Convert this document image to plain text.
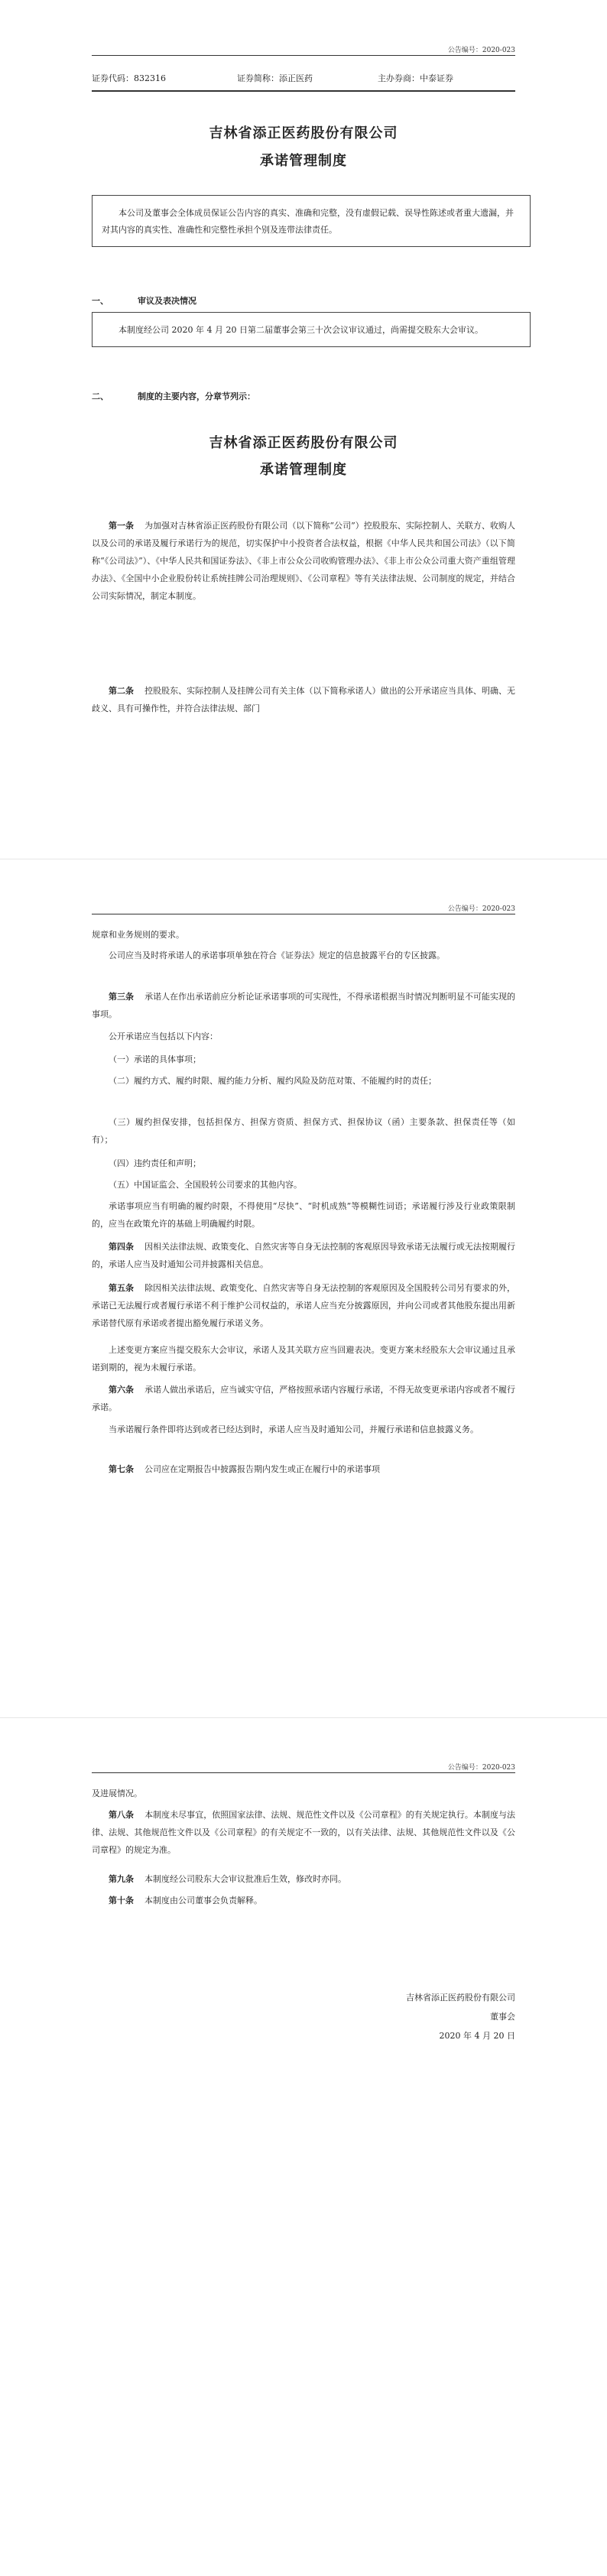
公告编号：2020-023
证券代码：832316	证券简称：添正医药	主办券商：中泰证券
吉林省添正医药股份有限公司
承诺管理制度
本公司及董事会全体成员保证公告内容的真实、准确和完整，没有虚假记载、误导性陈述或者重大遗漏，并对其内容的真实性、准确性和完整性承担个别及连带法律责任。
一、	审议及表决情况
本制度经公司 2020 年 4 月 20 日第二届董事会第三十次会议审议通过，尚需提交股东大会审议。
二、	制度的主要内容，分章节列示：
吉林省添正医药股份有限公司
承诺管理制度
第一条 为加强对吉林省添正医药股份有限公司（以下简称“公司”）控股股东、实际控制人、关联方、收购人以及公司的承诺及履行承诺行为的规范，切实保护中小投资者合法权益，根据《中华人民共和国公司法》（以下简称“《公司法》”）、《中华人民共和国证券法》、《非上市公众公司收购管理办法》、《非上市公众公司重大资产重组管理办法》、《全国中小企业股份转让系统挂牌公司治理规则》、《公司章程》等有关法律法规、公司制度的规定，并结合公司实际情况，制定本制度。
第二条 控股股东、实际控制人及挂牌公司有关主体（以下简称承诺人）做出的公开承诺应当具体、明确、无歧义、具有可操作性，并符合法律法规、部门
公告编号：2020-023
规章和业务规则的要求。
公司应当及时将承诺人的承诺事项单独在符合《证券法》规定的信息披露平台的专区披露。
第三条 承诺人在作出承诺前应分析论证承诺事项的可实现性，不得承诺根据当时情况判断明显不可能实现的事项。
公开承诺应当包括以下内容：
（一）承诺的具体事项；
（二）履约方式、履约时限、履约能力分析、履约风险及防范对策、不能履约时的责任；
（三）履约担保安排，包括担保方、担保方资质、担保方式、担保协议（函）主要条款、担保责任等（如有）；
（四）违约责任和声明；
（五）中国证监会、全国股转公司要求的其他内容。
承诺事项应当有明确的履约时限，不得使用“尽快”、“时机成熟”等模糊性词语；承诺履行涉及行业政策限制的，应当在政策允许的基础上明确履约时限。
第四条 因相关法律法规、政策变化、自然灾害等自身无法控制的客观原因导致承诺无法履行或无法按期履行的，承诺人应当及时通知公司并披露相关信息。
第五条 除因相关法律法规、政策变化、自然灾害等自身无法控制的客观原因及全国股转公司另有要求的外，承诺已无法履行或者履行承诺不利于维护公司权益的，承诺人应当充分披露原因，并向公司或者其他股东提出用新承诺替代原有承诺或者提出豁免履行承诺义务。
上述变更方案应当提交股东大会审议，承诺人及其关联方应当回避表决。变更方案未经股东大会审议通过且承诺到期的，视为未履行承诺。
第六条 承诺人做出承诺后，应当诚实守信，严格按照承诺内容履行承诺，不得无故变更承诺内容或者不履行承诺。
当承诺履行条件即将达到或者已经达到时，承诺人应当及时通知公司，并履行承诺和信息披露义务。
第七条 公司应在定期报告中披露报告期内发生或正在履行中的承诺事项
公告编号：2020-023
及进展情况。
第八条 本制度未尽事宜，依照国家法律、法规、规范性文件以及《公司章程》的有关规定执行。本制度与法律、法规、其他规范性文件以及《公司章程》的有关规定不一致的，以有关法律、法规、其他规范性文件以及《公司章程》的规定为准。
第九条 本制度经公司股东大会审议批准后生效，修改时亦同。
第十条 本制度由公司董事会负责解释。
吉林省添正医药股份有限公司
董事会
2020 年 4 月 20 日
